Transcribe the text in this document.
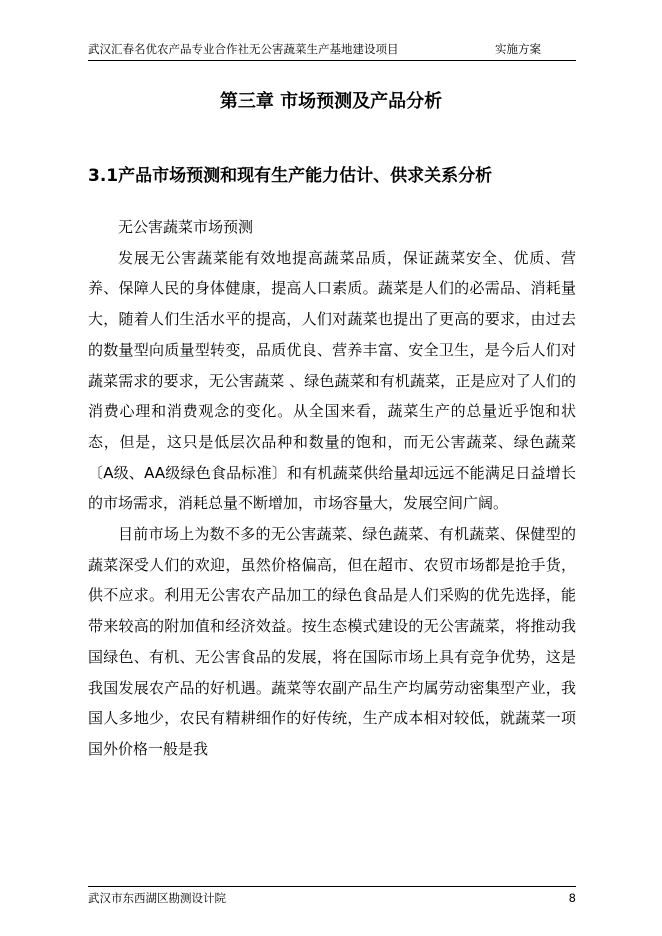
武汉汇春名优农产品专业合作社无公害蔬菜生产基地建设项目	实施方案
第三章 市场预测及产品分析
3.1产品市场预测和现有生产能力估计、供求关系分析

无公害蔬菜市场预测

发展无公害蔬菜能有效地提高蔬菜品质，保证蔬菜安全、优质、营养、保障人民的身体健康，提高人口素质。蔬菜是人们的必需品、消耗量大，随着人们生活水平的提高，人们对蔬菜也提出了更高的要求，由过去的数量型向质量型转变，品质优良、营养丰富、安全卫生，是今后人们对蔬菜需求的要求，无公害蔬菜 、绿色蔬菜和有机蔬菜，正是应对了人们的消费心理和消费观念的变化。从全国来看，蔬菜生产的总量近乎饱和状态，但是，这只是低层次品种和数量的饱和，而无公害蔬菜、绿色蔬菜〔A级、AA级绿色食品标准〕和有机蔬菜供给量却远远不能满足日益增长的市场需求，消耗总量不断增加，市场容量大，发展空间广阔。

目前市场上为数不多的无公害蔬菜、绿色蔬菜、有机蔬菜、保健型的蔬菜深受人们的欢迎，虽然价格偏高，但在超市、农贸市场都是抢手货，供不应求。利用无公害农产品加工的绿色食品是人们采购的优先选择，能带来较高的附加值和经济效益。按生态模式建设的无公害蔬菜，将推动我国绿色、有机、无公害食品的发展，将在国际市场上具有竞争优势，这是我国发展农产品的好机遇。蔬菜等农副产品生产均属劳动密集型产业，我国人多地少，农民有精耕细作的好传统，生产成本相对较低，就蔬菜一项国外价格一般是我

武汉市东西湖区勘测设计院	8
